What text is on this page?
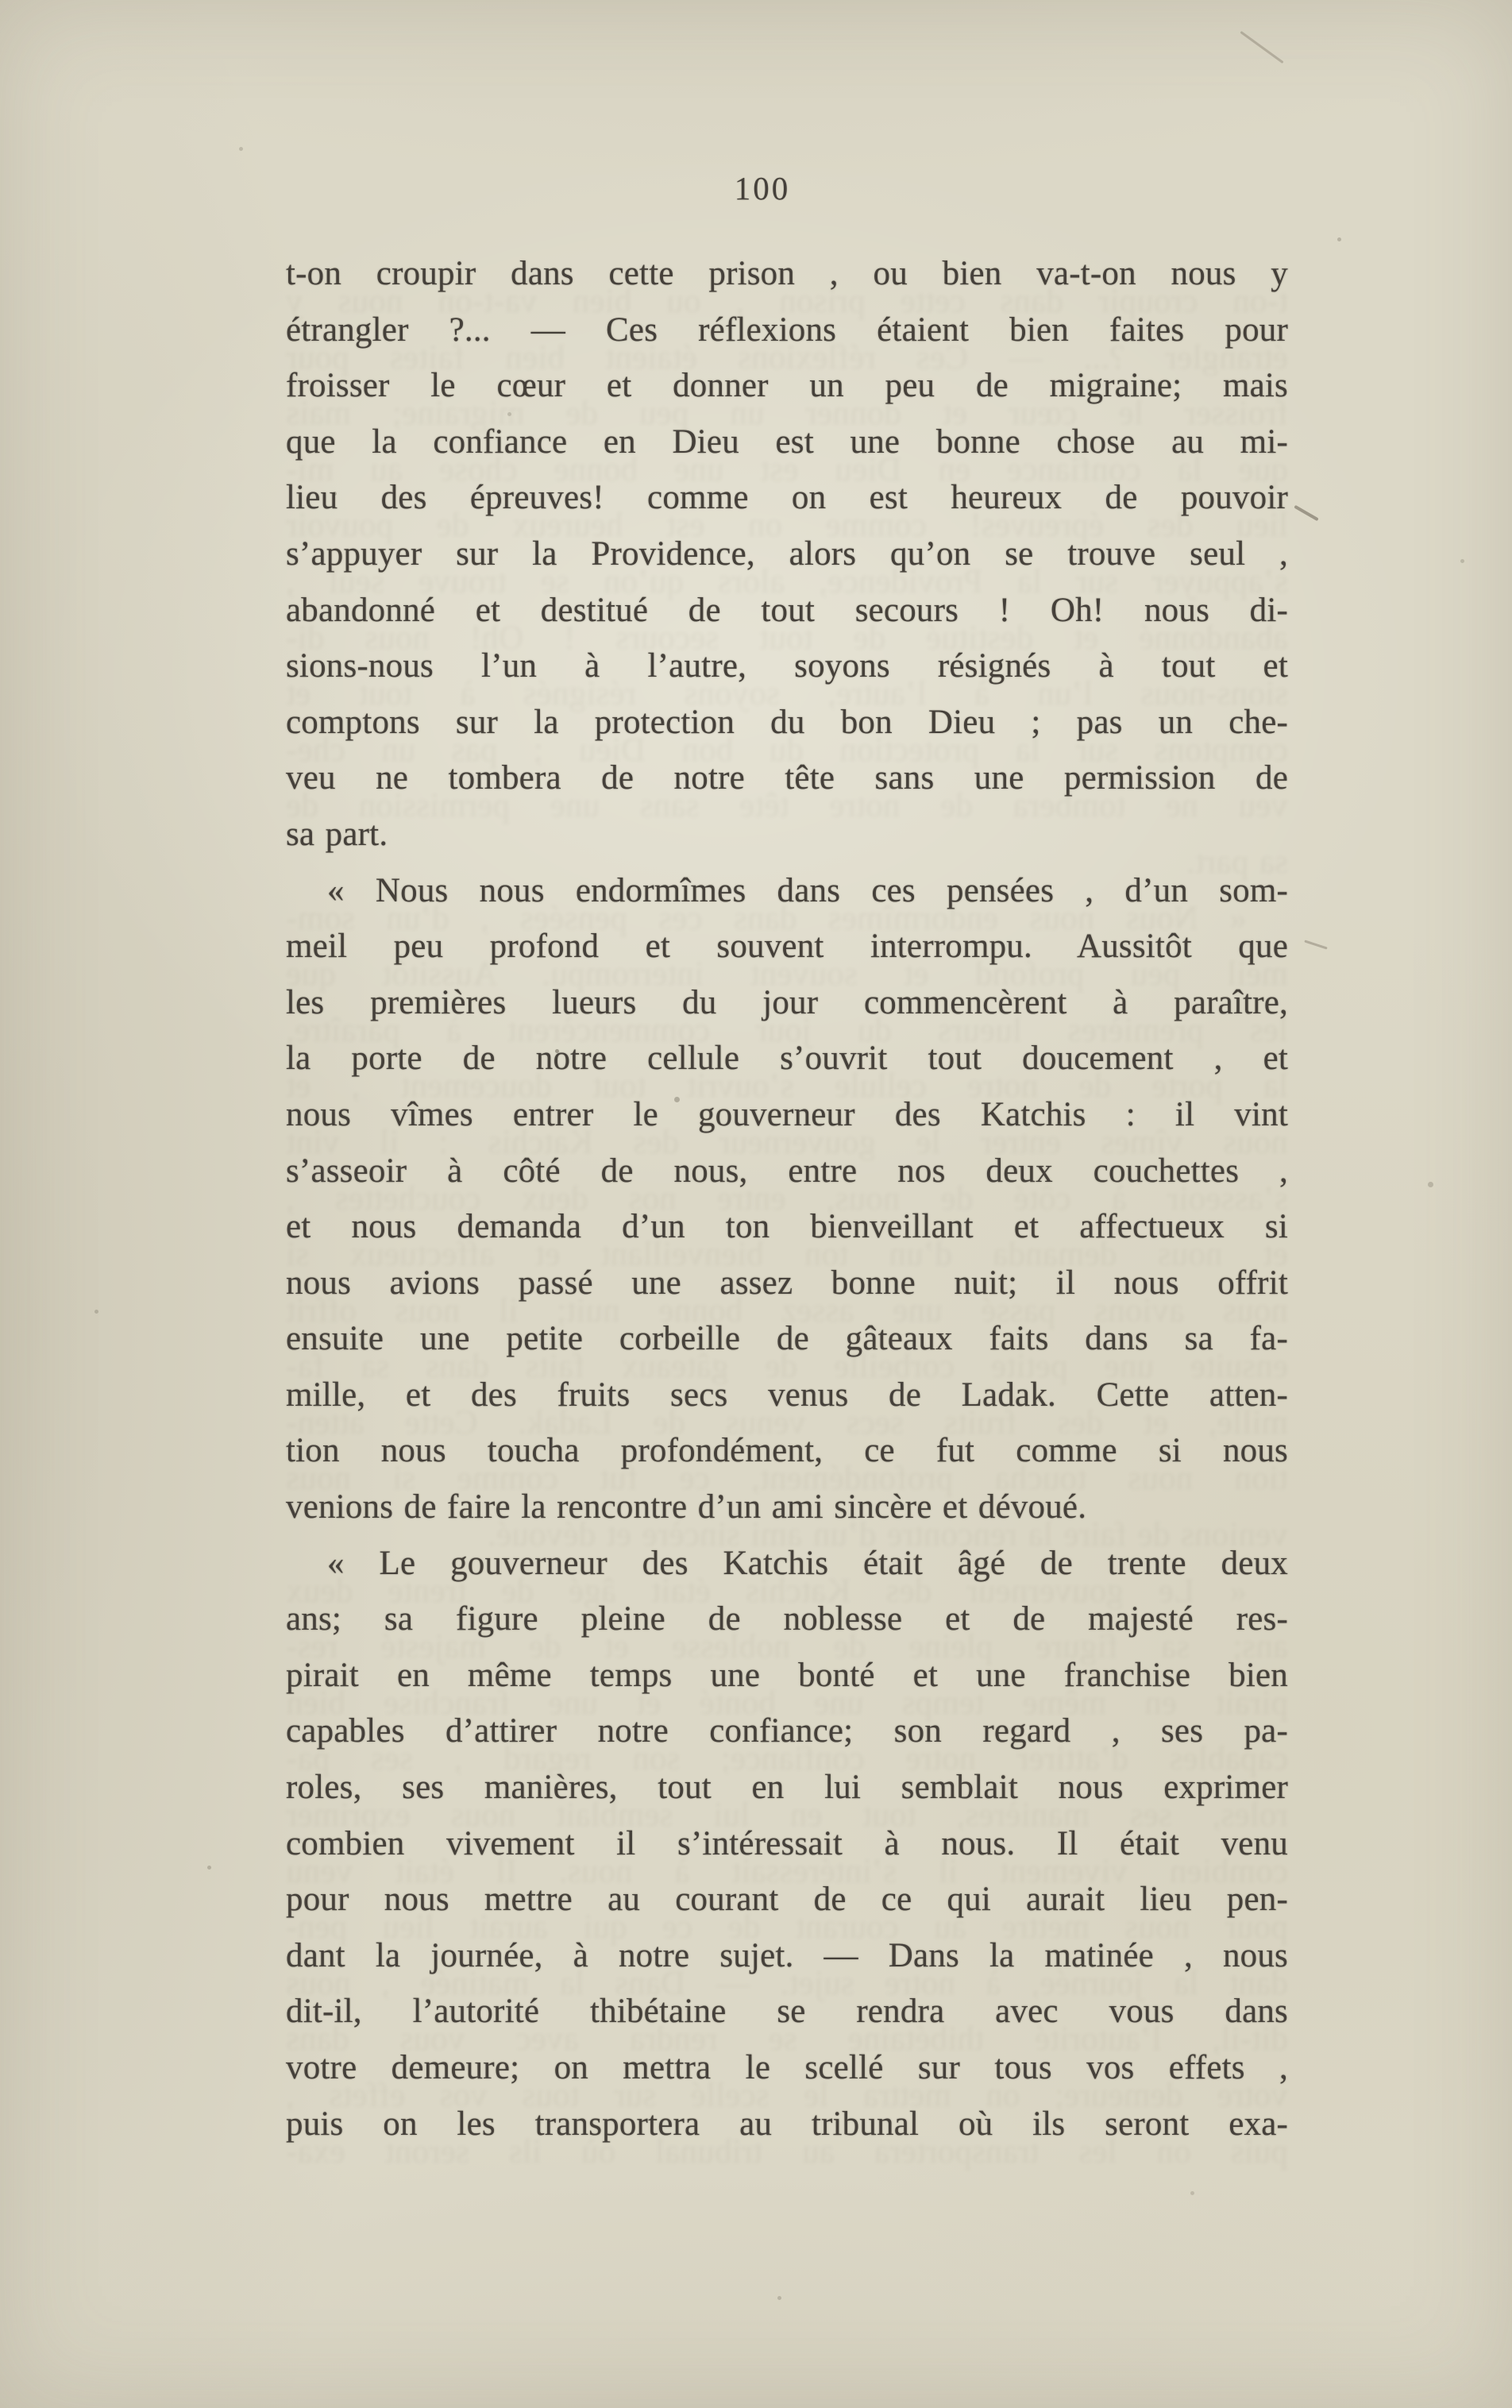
t-on croupir dans cette prison , ou bien va-t-on nous y
étrangler ?... — Ces réflexions étaient bien faites pour
froisser le cœur et donner un peu de migraine; mais
que la confiance en Dieu est une bonne chose au mi-
lieu des épreuves! comme on est heureux de pouvoir
s’appuyer sur la Providence, alors qu’on se trouve seul ,
abandonné et destitué de tout secours ! Oh! nous di-
sions-nous l’un à l’autre, soyons résignés à tout et
comptons sur la protection du bon Dieu ; pas un che-
veu ne tombera de notre tête sans une permission de
sa part.
« Nous nous endormîmes dans ces pensées , d’un som-
meil peu profond et souvent interrompu. Aussitôt que
les premières lueurs du jour commencèrent à paraître,
la porte de notre cellule s’ouvrit tout doucement , et
nous vîmes entrer le gouverneur des Katchis : il vint
s’asseoir à côté de nous, entre nos deux couchettes ,
et nous demanda d’un ton bienveillant et affectueux si
nous avions passé une assez bonne nuit; il nous offrit
ensuite une petite corbeille de gâteaux faits dans sa fa-
mille, et des fruits secs venus de Ladak. Cette atten-
tion nous toucha profondément, ce fut comme si nous
venions de faire la rencontre d’un ami sincère et dévoué.
« Le gouverneur des Katchis était âgé de trente deux
ans; sa figure pleine de noblesse et de majesté res-
pirait en même temps une bonté et une franchise bien
capables d’attirer notre confiance; son regard , ses pa-
roles, ses manières, tout en lui semblait nous exprimer
combien vivement il s’intéressait à nous. Il était venu
pour nous mettre au courant de ce qui aurait lieu pen-
dant la journée, à notre sujet. — Dans la matinée , nous
dit-il, l’autorité thibétaine se rendra avec vous dans
votre demeure; on mettra le scellé sur tous vos effets ,
puis on les transportera au tribunal où ils seront exa-
100
t-on croupir dans cette prison , ou bien va-t-on nous y
étrangler ?... — Ces réflexions étaient bien faites pour
froisser le cœur et donner un peu de migraine; mais
que la confiance en Dieu est une bonne chose au mi-
lieu des épreuves! comme on est heureux de pouvoir
s’appuyer sur la Providence, alors qu’on se trouve seul ,
abandonné et destitué de tout secours ! Oh! nous di-
sions-nous l’un à l’autre, soyons résignés à tout et
comptons sur la protection du bon Dieu ; pas un che-
veu ne tombera de notre tête sans une permission de
sa part.
« Nous nous endormîmes dans ces pensées , d’un som-
meil peu profond et souvent interrompu. Aussitôt que
les premières lueurs du jour commencèrent à paraître,
la porte de notre cellule s’ouvrit tout doucement , et
nous vîmes entrer le gouverneur des Katchis : il vint
s’asseoir à côté de nous, entre nos deux couchettes ,
et nous demanda d’un ton bienveillant et affectueux si
nous avions passé une assez bonne nuit; il nous offrit
ensuite une petite corbeille de gâteaux faits dans sa fa-
mille, et des fruits secs venus de Ladak. Cette atten-
tion nous toucha profondément, ce fut comme si nous
venions de faire la rencontre d’un ami sincère et dévoué.
« Le gouverneur des Katchis était âgé de trente deux
ans; sa figure pleine de noblesse et de majesté res-
pirait en même temps une bonté et une franchise bien
capables d’attirer notre confiance; son regard , ses pa-
roles, ses manières, tout en lui semblait nous exprimer
combien vivement il s’intéressait à nous. Il était venu
pour nous mettre au courant de ce qui aurait lieu pen-
dant la journée, à notre sujet. — Dans la matinée , nous
dit-il, l’autorité thibétaine se rendra avec vous dans
votre demeure; on mettra le scellé sur tous vos effets ,
puis on les transportera au tribunal où ils seront exa-
